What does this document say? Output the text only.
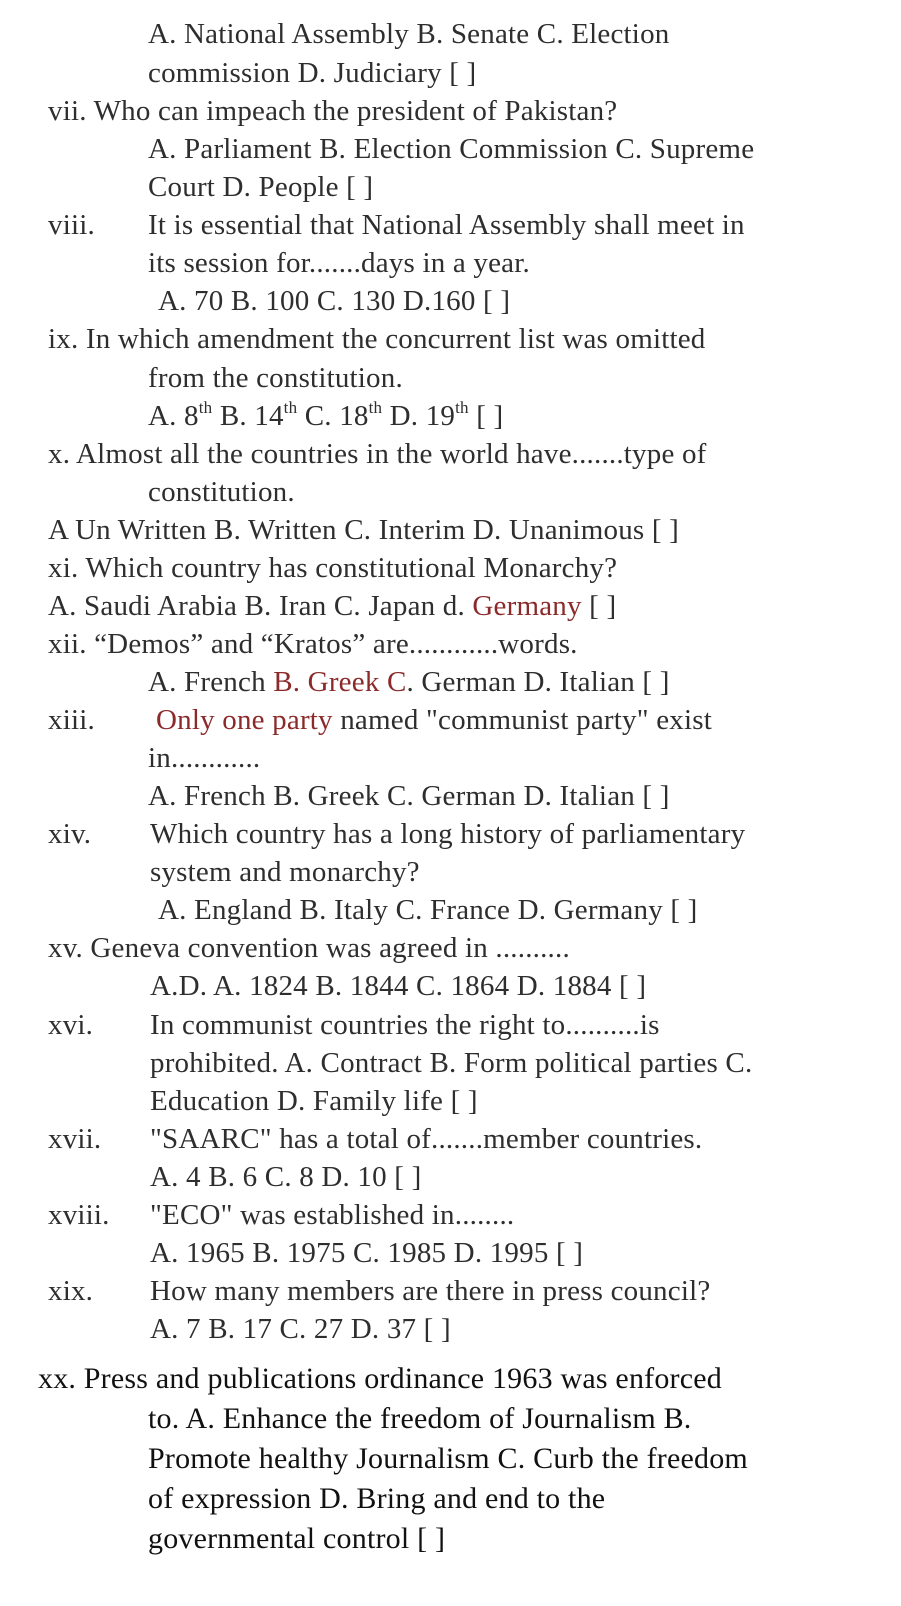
A. National Assembly B. Senate C. Election
commission D. Judiciary [ ]
vii. Who can impeach the president of Pakistan?
A. Parliament B. Election Commission C. Supreme
Court D. People [ ]
viii. It is essential that National Assembly shall meet in
its session for.......days in a year.
A. 70 B. 100 C. 130 D.160 [ ]
ix. In which amendment the concurrent list was omitted
from the constitution.
A. 8th B. 14th C. 18th D. 19th [ ]
x. Almost all the countries in the world have.......type of
constitution.
A Un Written B. Written C. Interim D. Unanimous [ ]
xi. Which country has constitutional Monarchy?
A. Saudi Arabia B. Iran C. Japan d. Germany [ ]
xii. “Demos” and “Kratos” are............words.
A. French B. Greek C. German D. Italian [ ]
xiii. Only one party named "communist party" exist
in............
A. French B. Greek C. German D. Italian [ ]
xiv. Which country has a long history of parliamentary
system and monarchy?
A. England B. Italy C. France D. Germany [ ]
xv. Geneva convention was agreed in ..........
A.D. A. 1824 B. 1844 C. 1864 D. 1884 [ ]
xvi. In communist countries the right to..........is
prohibited. A. Contract B. Form political parties C.
Education D. Family life [ ]
xvii. "SAARC" has a total of.......member countries.
A. 4 B. 6 C. 8 D. 10 [ ]
xviii. "ECO" was established in........
A. 1965 B. 1975 C. 1985 D. 1995 [ ]
xix. How many members are there in press council?
A. 7 B. 17 C. 27 D. 37 [ ]
xx. Press and publications ordinance 1963 was enforced
to. A. Enhance the freedom of Journalism B.
Promote healthy Journalism C. Curb the freedom
of expression D. Bring and end to the
governmental control [ ]
